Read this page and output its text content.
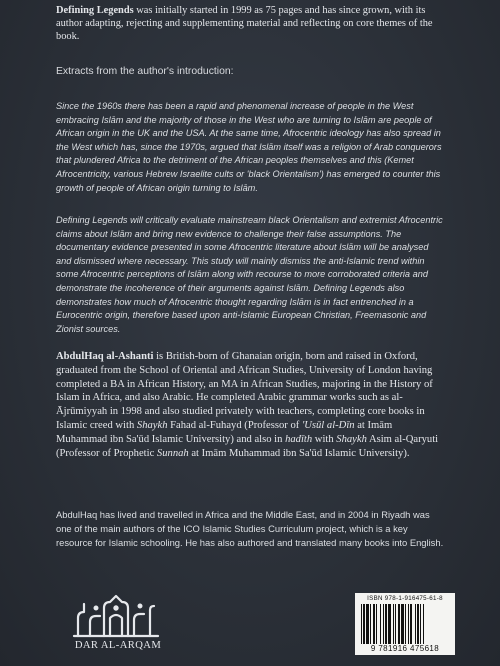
Defining Legends was initially started in 1999 as 75 pages and has since grown, with its author adapting, rejecting and supplementing material and reflecting on core themes of the book.
Extracts from the author's introduction:
Since the 1960s there has been a rapid and phenomenal increase of people in the West embracing Islām and the majority of those in the West who are turning to Islām are people of African origin in the UK and the USA. At the same time, Afrocentric ideology has also spread in the West which has, since the 1970s, argued that Islām itself was a religion of Arab conquerors that plundered Africa to the detriment of the African peoples themselves and this (Kemet Afrocentricity, various Hebrew Israelite cults or 'black Orientalism') has emerged to counter this growth of people of African origin turning to Islām.
Defining Legends will critically evaluate mainstream black Orientalism and extremist Afrocentric claims about Islām and bring new evidence to challenge their false assumptions. The documentary evidence presented in some Afrocentric literature about Islām will be analysed and dismissed where necessary. This study will mainly dismiss the anti-Islamic trend within some Afrocentric perceptions of Islām along with recourse to more corroborated criteria and demonstrate the incoherence of their arguments against Islām. Defining Legends also demonstrates how much of Afrocentric thought regarding Islām is in fact entrenched in a Eurocentric origin, therefore based upon anti-Islamic European Christian, Freemasonic and Zionist sources.
AbdulHaq al-Ashanti is British-born of Ghanaian origin, born and raised in Oxford, graduated from the School of Oriental and African Studies, University of London having completed a BA in African History, an MA in African Studies, majoring in the History of Islam in Africa, and also Arabic. He completed Arabic grammar works such as al-Ājrūmiyyah in 1998 and also studied privately with teachers, completing core books in Islamic creed with Shaykh Fahad al-Fuhayd (Professor of 'Usūl al-Dīn at Imām Muhammad ibn Sa'ūd Islamic University) and also in hadīth with Shaykh Asim al-Qaryuti (Professor of Prophetic Sunnah at Imām Muhammad ibn Sa'ūd Islamic University).
AbdulHaq has lived and travelled in Africa and the Middle East, and in 2004 in Riyadh was one of the main authors of the ICO Islamic Studies Curriculum project, which is a key resource for Islamic schooling. He has also authored and translated many books into English.
DAR AL-ARQAM
ISBN 978-1-916475-61-8
9 781916 475618
